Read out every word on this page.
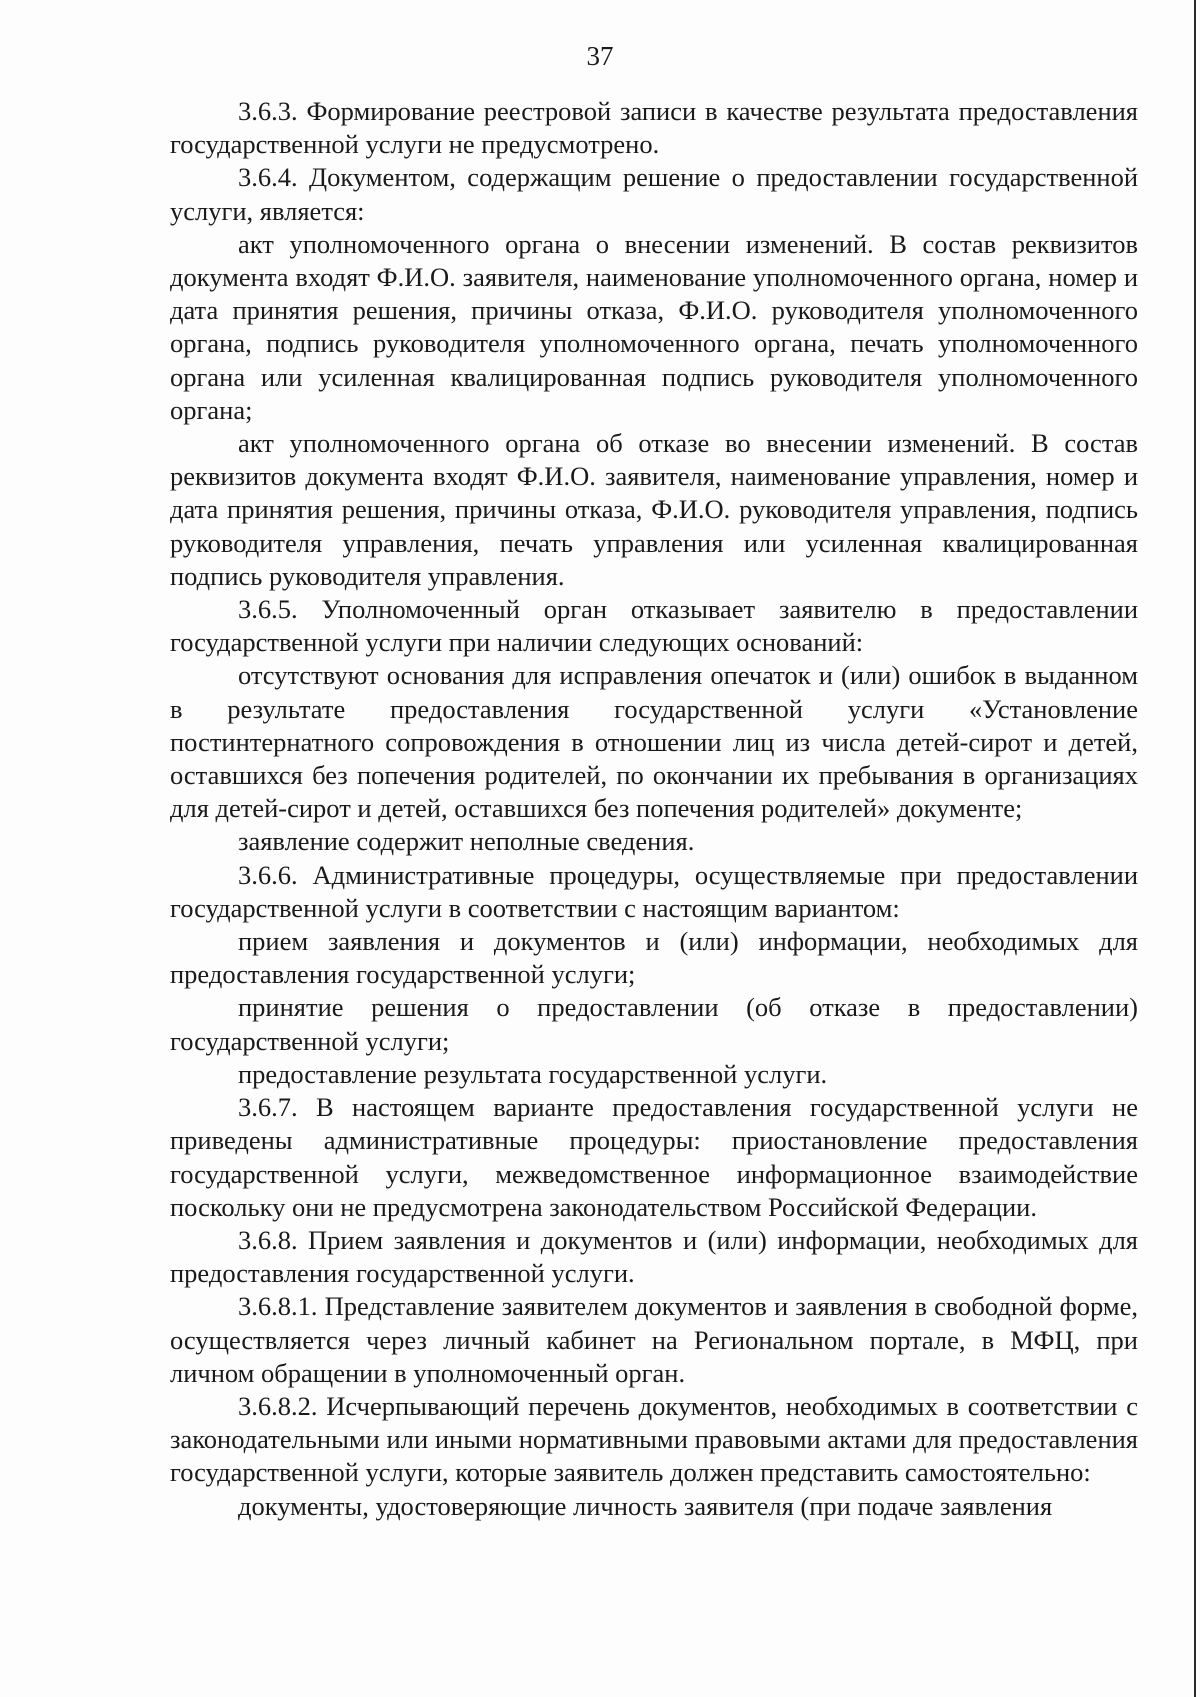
37

3.6.3. Формирование реестровой записи в качестве результата предоставления государственной услуги не предусмотрено.

3.6.4. Документом, содержащим решение о предоставлении государственной услуги, является:

акт уполномоченного органа о внесении изменений. В состав реквизитов документа входят Ф.И.О. заявителя, наименование уполномоченного органа, номер и дата принятия решения, причины отказа, Ф.И.О. руководителя уполномоченного органа, подпись руководителя уполномоченного органа, печать уполномоченного органа или усиленная квалицированная подпись руководителя уполномоченного органа;

акт уполномоченного органа об отказе во внесении изменений. В состав реквизитов документа входят Ф.И.О. заявителя, наименование управления, номер и дата принятия решения, причины отказа, Ф.И.О. руководителя управления, подпись руководителя управления, печать управления или усиленная квалицированная подпись руководителя управления.

3.6.5. Уполномоченный орган отказывает заявителю в предоставлении государственной услуги при наличии следующих оснований:

отсутствуют основания для исправления опечаток и (или) ошибок в выданном в результате предоставления государственной услуги «Установление постинтернатного сопровождения в отношении лиц из числа детей-сирот и детей, оставшихся без попечения родителей, по окончании их пребывания в организациях для детей-сирот и детей, оставшихся без попечения родителей» документе;

заявление содержит неполные сведения.

3.6.6. Административные процедуры, осуществляемые при предоставлении государственной услуги в соответствии с настоящим вариантом:

прием заявления и документов и (или) информации, необходимых для предоставления государственной услуги;

принятие решения о предоставлении (об отказе в предоставлении) государственной услуги;

предоставление результата государственной услуги.

3.6.7. В настоящем варианте предоставления государственной услуги не приведены административные процедуры: приостановление предоставления государственной услуги, межведомственное информационное взаимодействие поскольку они не предусмотрена законодательством Российской Федерации.

3.6.8. Прием заявления и документов и (или) информации, необходимых для предоставления государственной услуги.

3.6.8.1. Представление заявителем документов и заявления в свободной форме, осуществляется через личный кабинет на Региональном портале, в МФЦ, при личном обращении в уполномоченный орган.

3.6.8.2. Исчерпывающий перечень документов, необходимых в соответствии с законодательными или иными нормативными правовыми актами для предоставления государственной услуги, которые заявитель должен представить самостоятельно:

документы, удостоверяющие личность заявителя (при подаче заявления
